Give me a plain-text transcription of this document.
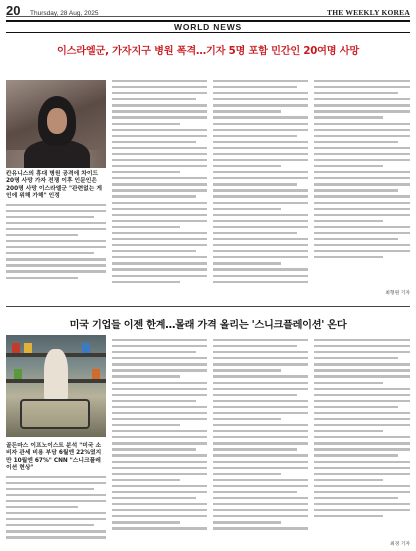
20	Thursday, 28 Aug, 2025	THE WEEKLY KOREA
WORLD NEWS
이스라엘군, 가자지구 병원 폭격…기자 5명 포함 민간인 20여명 사망
칸유니스의 휴대 병원 공격에 차이드 20명 사망 가자 전쟁 이후 인문인은 200명 사망 이스라엘군 "관련없는 게인에 위해 가해" 인정
최형원 기자
미국 기업들 이젠 한계…몰래 가격 올리는 '스니크플레이션' 온다
골든마스 이프노이스트 분석 "미국 소비자 관세 비용 부담 6월엔 22%였지만 10월엔 67%" CNN "스니크플레이션 현상"
최경 기자
